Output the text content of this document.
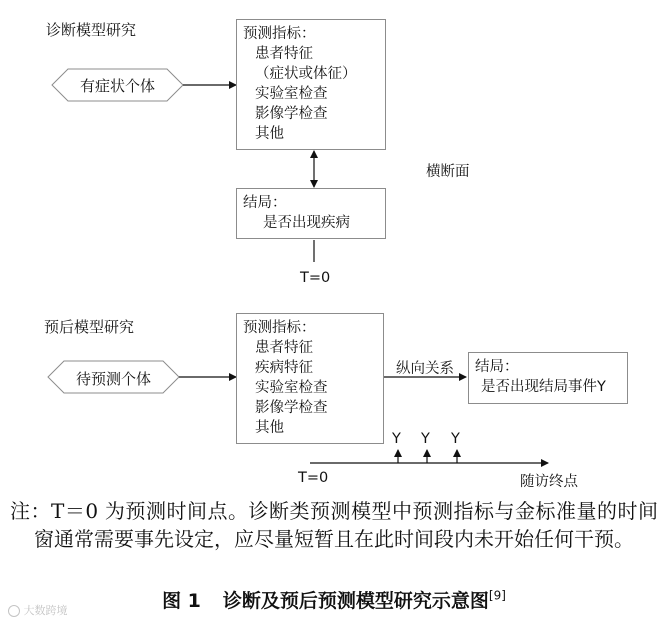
诊断模型研究
有症状个体
预测指标：
患者特征
（症状或体征）
实验室检查
影像学检查
其他
横断面
结局：
是否出现疾病
T=0
预后模型研究
待预测个体
预测指标：
患者特征
疾病特征
实验室检查
影像学检查
其他
纵向关系 结局：
是否出现结局事件Y
Y Y Y
T=0	随访终点
注：T＝0 为预测时间点。诊断类预测模型中预测指标与金标准量的时间窗通常需要事先设定，应尽量短暂且在此时间段内未开始任何干预。
图 1 诊断及预后预测模型研究示意图[9]
大数跨境
